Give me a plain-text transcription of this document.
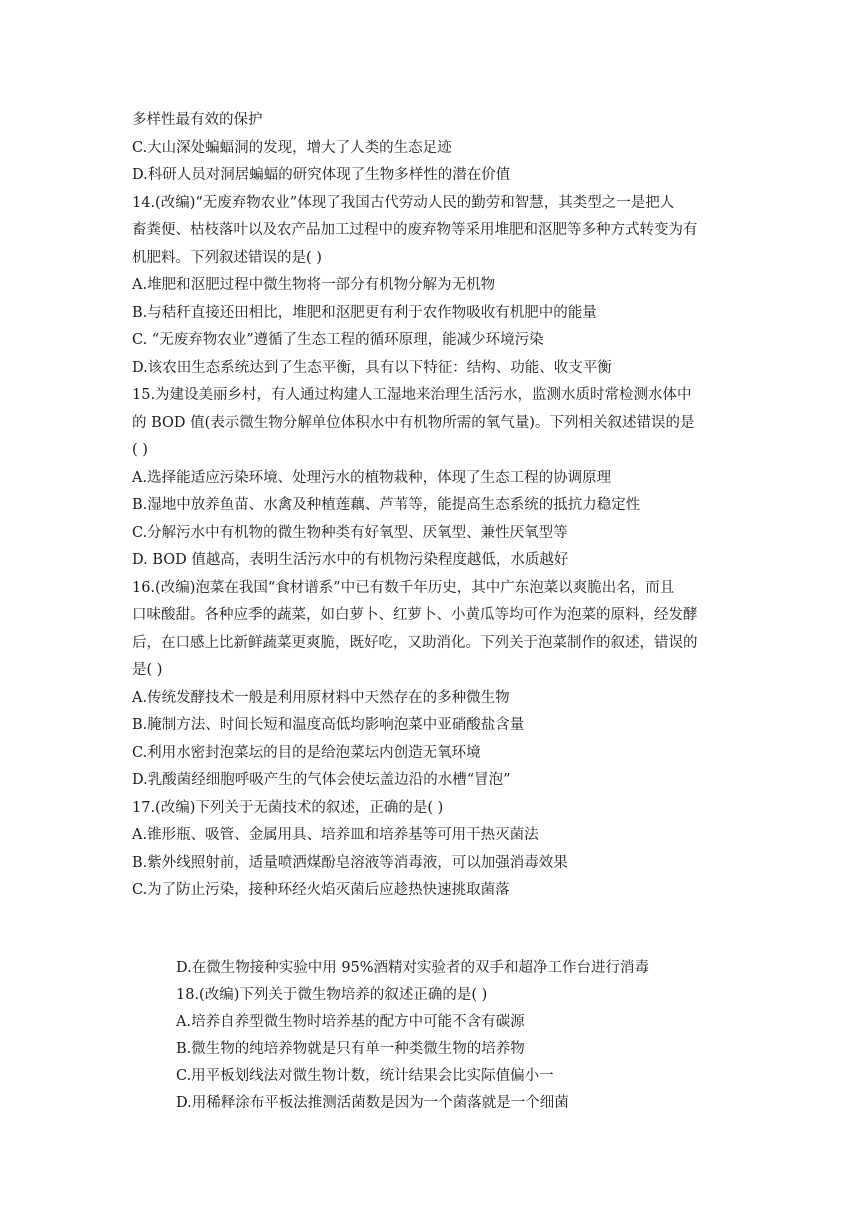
多样性最有效的保护
C.大山深处蝙蝠洞的发现，增大了人类的生态足迹
D.科研人员对洞居蝙蝠的研究体现了生物多样性的潜在价值
14.(改编)“无废弃物农业”体现了我国古代劳动人民的勤劳和智慧，其类型之一是把人
畜粪便、枯枝落叶以及农产品加工过程中的废弃物等采用堆肥和沤肥等多种方式转变为有
机肥料。下列叙述错误的是( )
A.堆肥和沤肥过程中微生物将一部分有机物分解为无机物
B.与秸秆直接还田相比，堆肥和沤肥更有利于农作物吸收有机肥中的能量
C. “无废弃物农业”遵循了生态工程的循环原理，能减少环境污染
D.该农田生态系统达到了生态平衡，具有以下特征：结构、功能、收支平衡
15.为建设美丽乡村，有人通过构建人工湿地来治理生活污水，监测水质时常检测水体中
的 BOD 值(表示微生物分解单位体积水中有机物所需的氧气量)。下列相关叙述错误的是
( )
A.选择能适应污染环境、处理污水的植物栽种，体现了生态工程的协调原理
B.湿地中放养鱼苗、水禽及种植莲藕、芦苇等，能提高生态系统的抵抗力稳定性
C.分解污水中有机物的微生物种类有好氧型、厌氧型、兼性厌氧型等
D. BOD 值越高，表明生活污水中的有机物污染程度越低，水质越好
16.(改编)泡菜在我国“食材谱系”中已有数千年历史，其中广东泡菜以爽脆出名，而且
口味酸甜。各种应季的蔬菜，如白萝卜、红萝卜、小黄瓜等均可作为泡菜的原料，经发酵
后，在口感上比新鲜蔬菜更爽脆，既好吃，又助消化。下列关于泡菜制作的叙述，错误的
是( )
A.传统发酵技术一般是利用原材料中天然存在的多种微生物
B.腌制方法、时间长短和温度高低均影响泡菜中亚硝酸盐含量
C.利用水密封泡菜坛的目的是给泡菜坛内创造无氧环境
D.乳酸菌经细胞呼吸产生的气体会使坛盖边沿的水槽“冒泡”
17.(改编)下列关于无菌技术的叙述，正确的是( )
A.锥形瓶、吸管、金属用具、培养皿和培养基等可用干热灭菌法
B.紫外线照射前，适量喷洒煤酚皂溶液等消毒液，可以加强消毒效果
C.为了防止污染，接种环经火焰灭菌后应趁热快速挑取菌落
D.在微生物接种实验中用 95%酒精对实验者的双手和超净工作台进行消毒
18.(改编)下列关于微生物培养的叙述正确的是( )
A.培养自养型微生物时培养基的配方中可能不含有碳源
B.微生物的纯培养物就是只有单一种类微生物的培养物
C.用平板划线法对微生物计数，统计结果会比实际值偏小一
D.用稀释涂布平板法推测活菌数是因为一个菌落就是一个细菌
